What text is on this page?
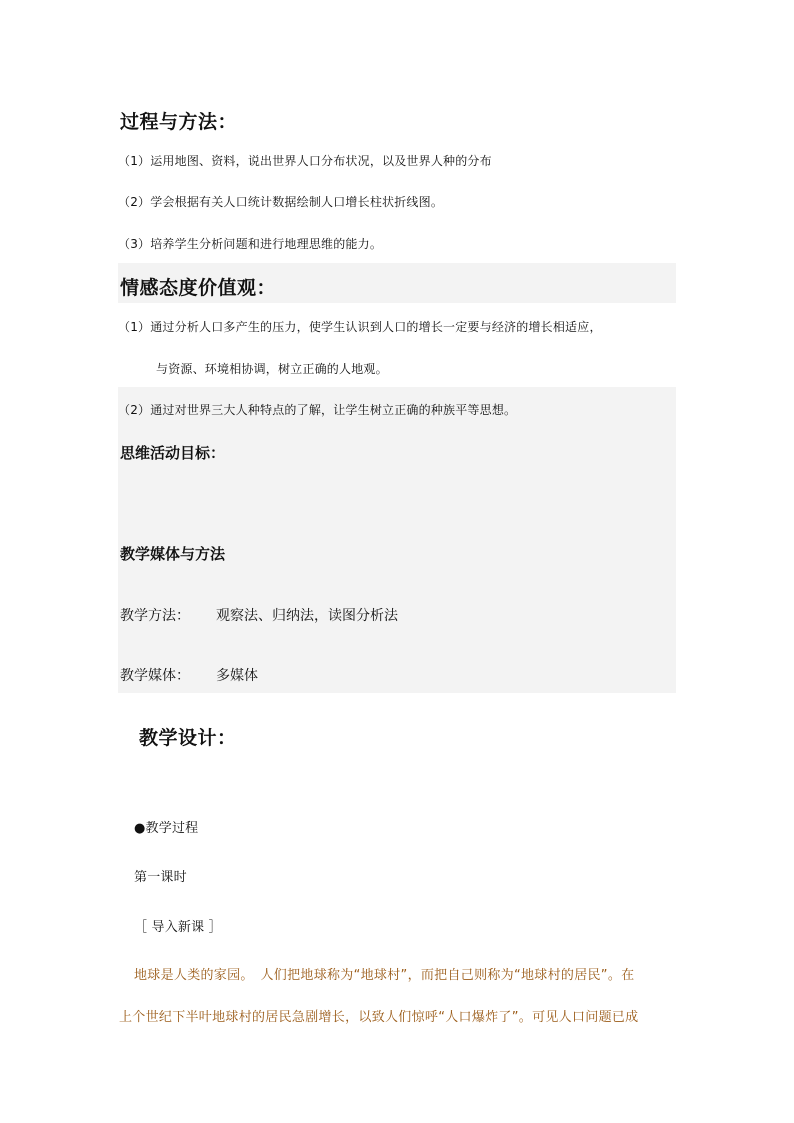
过程与方法：
（1）运用地图、资料，说出世界人口分布状况，以及世界人种的分布
（2）学会根据有关人口统计数据绘制人口增长柱状折线图。
（3）培养学生分析问题和进行地理思维的能力。
情感态度价值观：
（1）通过分析人口多产生的压力，使学生认识到人口的增长一定要与经济的增长相适应，
与资源、环境相协调，树立正确的人地观。
（2）通过对世界三大人种特点的了解，让学生树立正确的种族平等思想。
思维活动目标：
教学媒体与方法
教学方法： 观察法、归纳法，读图分析法
教学媒体： 多媒体
教学设计：
●教学过程
第一课时
［ 导入新课 ］
地球是人类的家园。　人们把地球称为“地球村”，而把自己则称为“地球村的居民”。在
上个世纪下半叶地球村的居民急剧增长，以致人们惊呼“人口爆炸了”。可见人口问题已成
